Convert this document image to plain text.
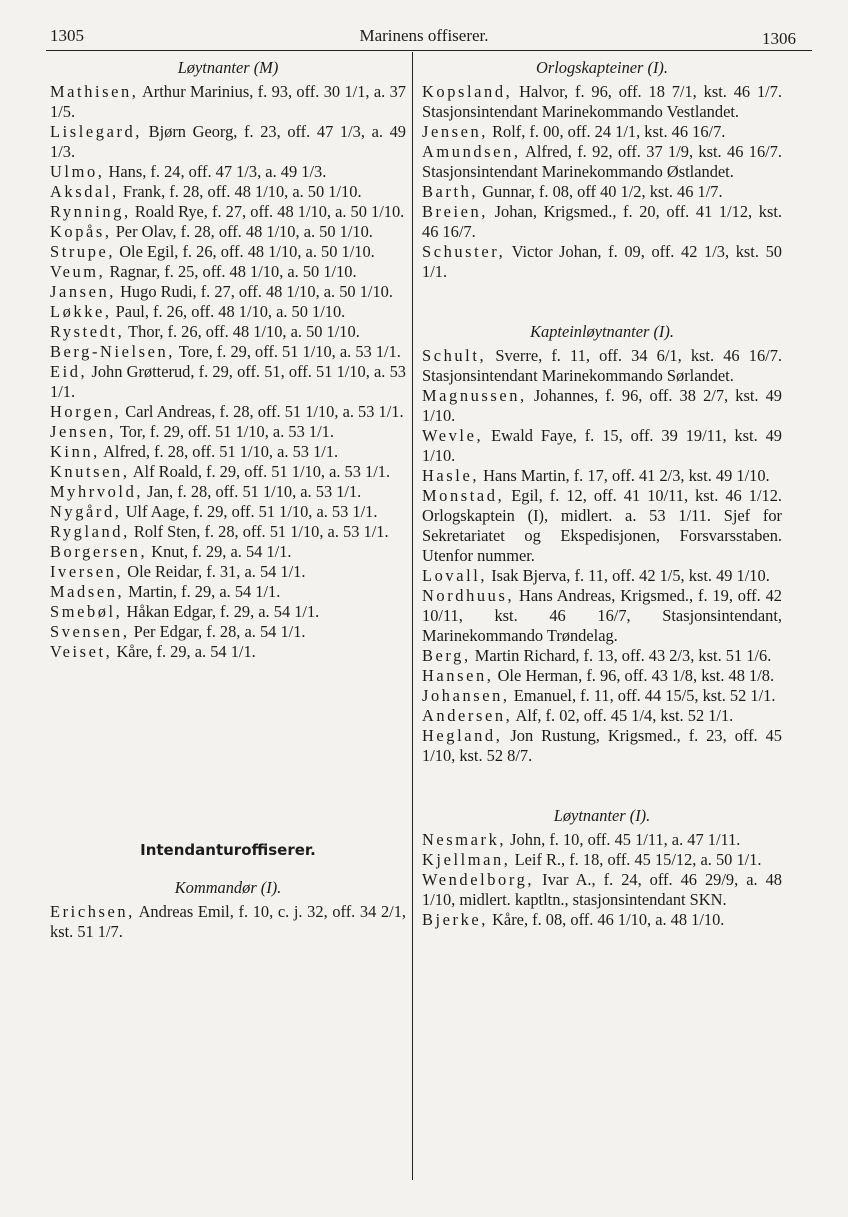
1305	Marinens offiserer.	1306
Løytnanter (M)

Mathisen, Arthur Marinius, f. 93, off. 30 1/1, a. 37 1/5.

Lislegard, Bjørn Georg, f. 23, off. 47 1/3, a. 49 1/3.

Ulmo, Hans, f. 24, off. 47 1/3, a. 49 1/3.

Aksdal, Frank, f. 28, off. 48 1/10, a. 50 1/10.

Rynning, Roald Rye, f. 27, off. 48 1/10, a. 50 1/10.

Kopås, Per Olav, f. 28, off. 48 1/10, a. 50 1/10.

Strupe, Ole Egil, f. 26, off. 48 1/10, a. 50 1/10.

Veum, Ragnar, f. 25, off. 48 1/10, a. 50 1/10.

Jansen, Hugo Rudi, f. 27, off. 48 1/10, a. 50 1/10.

Løkke, Paul, f. 26, off. 48 1/10, a. 50 1/10.

Rystedt, Thor, f. 26, off. 48 1/10, a. 50 1/10.

Berg-Nielsen, Tore, f. 29, off. 51 1/10, a. 53 1/1.

Eid, John Grøtterud, f. 29, off. 51, off. 51 1/10, a. 53 1/1.

Horgen, Carl Andreas, f. 28, off. 51 1/10, a. 53 1/1.

Jensen, Tor, f. 29, off. 51 1/10, a. 53 1/1.

Kinn, Alfred, f. 28, off. 51 1/10, a. 53 1/1.

Knutsen, Alf Roald, f. 29, off. 51 1/10, a. 53 1/1.

Myhrvold, Jan, f. 28, off. 51 1/10, a. 53 1/1.

Nygård, Ulf Aage, f. 29, off. 51 1/10, a. 53 1/1.

Rygland, Rolf Sten, f. 28, off. 51 1/10, a. 53 1/1.

Borgersen, Knut, f. 29, a. 54 1/1.

Iversen, Ole Reidar, f. 31, a. 54 1/1.

Madsen, Martin, f. 29, a. 54 1/1.

Smebøl, Håkan Edgar, f. 29, a. 54 1/1.

Svensen, Per Edgar, f. 28, a. 54 1/1.

Veiset, Kåre, f. 29, a. 54 1/1.

Intendanturoffiserer.
Kommandør (I).

Erichsen, Andreas Emil, f. 10, c. j. 32, off. 34 2/1, kst. 51 1/7.

Orlogskapteiner (I).

Kopsland, Halvor, f. 96, off. 18 7/1, kst. 46 1/7. Stasjonsintendant Marinekommando Vestlandet.

Jensen, Rolf, f. 00, off. 24 1/1, kst. 46 16/7.

Amundsen, Alfred, f. 92, off. 37 1/9, kst. 46 16/7. Stasjonsintendant Marinekommando Østlandet.

Barth, Gunnar, f. 08, off 40 1/2, kst. 46 1/7.

Breien, Johan, Krigsmed., f. 20, off. 41 1/12, kst. 46 16/7.

Schuster, Victor Johan, f. 09, off. 42 1/3, kst. 50 1/1.

Kapteinløytnanter (I).

Schult, Sverre, f. 11, off. 34 6/1, kst. 46 16/7. Stasjonsintendant Marinekommando Sørlandet.

Magnussen, Johannes, f. 96, off. 38 2/7, kst. 49 1/10.

Wevle, Ewald Faye, f. 15, off. 39 19/11, kst. 49 1/10.

Hasle, Hans Martin, f. 17, off. 41 2/3, kst. 49 1/10.

Monstad, Egil, f. 12, off. 41 10/11, kst. 46 1/12. Orlogskaptein (I), midlert. a. 53 1/11. Sjef for Sekretariatet og Ekspedisjonen, Forsvarsstaben. Utenfor nummer.

Lovall, Isak Bjerva, f. 11, off. 42 1/5, kst. 49 1/10.

Nordhuus, Hans Andreas, Krigsmed., f. 19, off. 42 10/11, kst. 46 16/7, Stasjonsintendant, Marinekommando Trøndelag.

Berg, Martin Richard, f. 13, off. 43 2/3, kst. 51 1/6.

Hansen, Ole Herman, f. 96, off. 43 1/8, kst. 48 1/8.

Johansen, Emanuel, f. 11, off. 44 15/5, kst. 52 1/1.

Andersen, Alf, f. 02, off. 45 1/4, kst. 52 1/1.

Hegland, Jon Rustung, Krigsmed., f. 23, off. 45 1/10, kst. 52 8/7.

Løytnanter (I).

Nesmark, John, f. 10, off. 45 1/11, a. 47 1/11.

Kjellman, Leif R., f. 18, off. 45 15/12, a. 50 1/1.

Wendelborg, Ivar A., f. 24, off. 46 29/9, a. 48 1/10, midlert. kaptltn., stasjonsintendant SKN.

Bjerke, Kåre, f. 08, off. 46 1/10, a. 48 1/10.
